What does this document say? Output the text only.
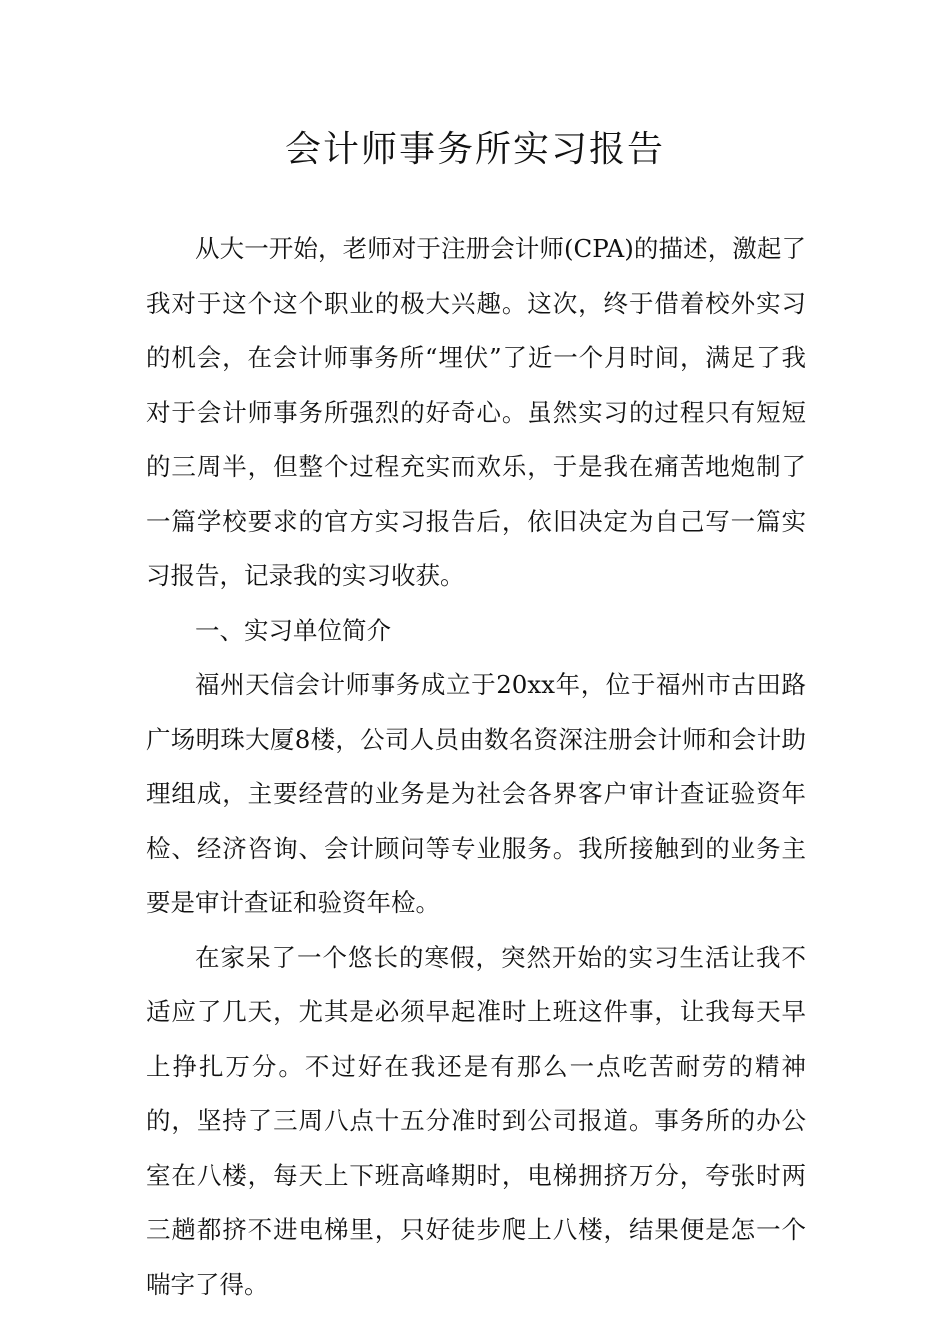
会计师事务所实习报告

从大一开始，老师对于注册会计师(CPA)的描述，激起了我对于这个这个职业的极大兴趣。这次，终于借着校外实习的机会，在会计师事务所“埋伏”了近一个月时间，满足了我对于会计师事务所强烈的好奇心。虽然实习的过程只有短短的三周半，但整个过程充实而欢乐，于是我在痛苦地炮制了一篇学校要求的官方实习报告后，依旧决定为自己写一篇实习报告，记录我的实习收获。

一、实习单位简介

福州天信会计师事务成立于20xx年，位于福州市古田路广场明珠大厦8楼，公司人员由数名资深注册会计师和会计助理组成，主要经营的业务是为社会各界客户审计查证验资年检、经济咨询、会计顾问等专业服务。我所接触到的业务主要是审计查证和验资年检。

在家呆了一个悠长的寒假，突然开始的实习生活让我不适应了几天，尤其是必须早起准时上班这件事，让我每天早上挣扎万分。不过好在我还是有那么一点吃苦耐劳的精神的，坚持了三周八点十五分准时到公司报道。事务所的办公室在八楼，每天上下班高峰期时，电梯拥挤万分，夸张时两三趟都挤不进电梯里，只好徒步爬上八楼，结果便是怎一个喘字了得。
